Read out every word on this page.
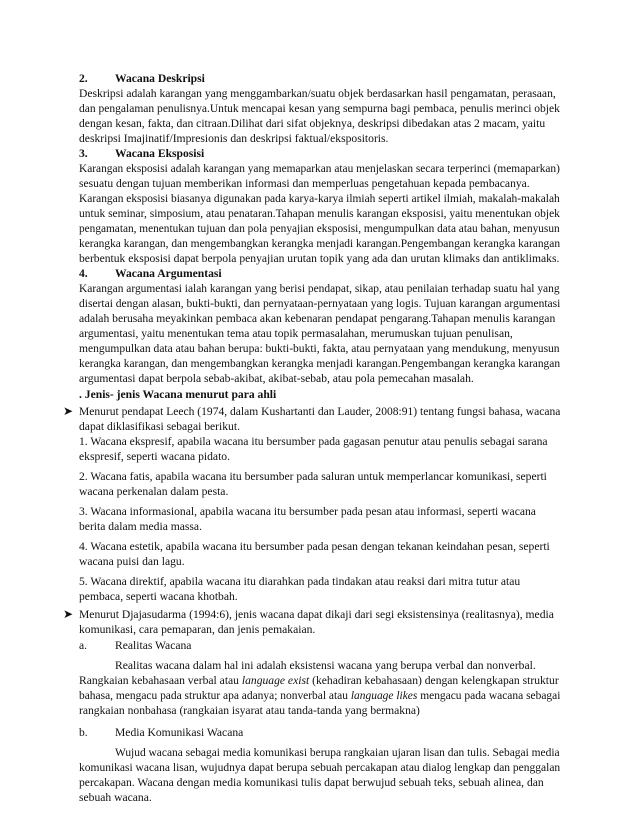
2. Wacana Deskripsi
Deskripsi adalah karangan yang menggambarkan/suatu objek berdasarkan hasil pengamatan, perasaan,
dan pengalaman penulisnya.Untuk mencapai kesan yang sempurna bagi pembaca, penulis merinci objek
dengan kesan, fakta, dan citraan.Dilihat dari sifat objeknya, deskripsi dibedakan atas 2 macam, yaitu
deskripsi Imajinatif/Impresionis dan deskripsi faktual/ekspositoris.
3. Wacana Eksposisi
Karangan eksposisi adalah karangan yang memaparkan atau menjelaskan secara terperinci (memaparkan)
sesuatu dengan tujuan memberikan informasi dan memperluas pengetahuan kepada pembacanya.
Karangan eksposisi biasanya digunakan pada karya-karya ilmiah seperti artikel ilmiah, makalah-makalah
untuk seminar, simposium, atau penataran.Tahapan menulis karangan eksposisi, yaitu menentukan objek
pengamatan, menentukan tujuan dan pola penyajian eksposisi, mengumpulkan data atau bahan, menyusun
kerangka karangan, dan mengembangkan kerangka menjadi karangan.Pengembangan kerangka karangan
berbentuk eksposisi dapat berpola penyajian urutan topik yang ada dan urutan klimaks dan antiklimaks.
4. Wacana Argumentasi
Karangan argumentasi ialah karangan yang berisi pendapat, sikap, atau penilaian terhadap suatu hal yang
disertai dengan alasan, bukti-bukti, dan pernyataan-pernyataan yang logis. Tujuan karangan argumentasi
adalah berusaha meyakinkan pembaca akan kebenaran pendapat pengarang.Tahapan menulis karangan
argumentasi, yaitu menentukan tema atau topik permasalahan, merumuskan tujuan penulisan,
mengumpulkan data atau bahan berupa: bukti-bukti, fakta, atau pernyataan yang mendukung, menyusun
kerangka karangan, dan mengembangkan kerangka menjadi karangan.Pengembangan kerangka karangan
argumentasi dapat berpola sebab-akibat, akibat-sebab, atau pola pemecahan masalah.
. Jenis- jenis Wacana menurut para ahli
➤ Menurut pendapat Leech (1974, dalam Kushartanti dan Lauder, 2008:91) tentang fungsi bahasa, wacana
dapat diklasifikasi sebagai berikut.
1. Wacana ekspresif, apabila wacana itu bersumber pada gagasan penutur atau penulis sebagai sarana
ekspresif, seperti wacana pidato.
2. Wacana fatis, apabila wacana itu bersumber pada saluran untuk memperlancar komunikasi, seperti
wacana perkenalan dalam pesta.
3. Wacana informasional, apabila wacana itu bersumber pada pesan atau informasi, seperti wacana
berita dalam media massa.
4. Wacana estetik, apabila wacana itu bersumber pada pesan dengan tekanan keindahan pesan, seperti
wacana puisi dan lagu.
5. Wacana direktif, apabila wacana itu diarahkan pada tindakan atau reaksi dari mitra tutur atau
pembaca, seperti wacana khotbah.
➤ Menurut Djajasudarma (1994:6), jenis wacana dapat dikaji dari segi eksistensinya (realitasnya), media
komunikasi, cara pemaparan, dan jenis pemakaian.
a. Realitas Wacana
Realitas wacana dalam hal ini adalah eksistensi wacana yang berupa verbal dan nonverbal.
Rangkaian kebahasaan verbal atau language exist (kehadiran kebahasaan) dengan kelengkapan struktur
bahasa, mengacu pada struktur apa adanya; nonverbal atau language likes mengacu pada wacana sebagai
rangkaian nonbahasa (rangkaian isyarat atau tanda-tanda yang bermakna)
b. Media Komunikasi Wacana
Wujud wacana sebagai media komunikasi berupa rangkaian ujaran lisan dan tulis. Sebagai media
komunikasi wacana lisan, wujudnya dapat berupa sebuah percakapan atau dialog lengkap dan penggalan
percakapan. Wacana dengan media komunikasi tulis dapat berwujud sebuah teks, sebuah alinea, dan
sebuah wacana.
